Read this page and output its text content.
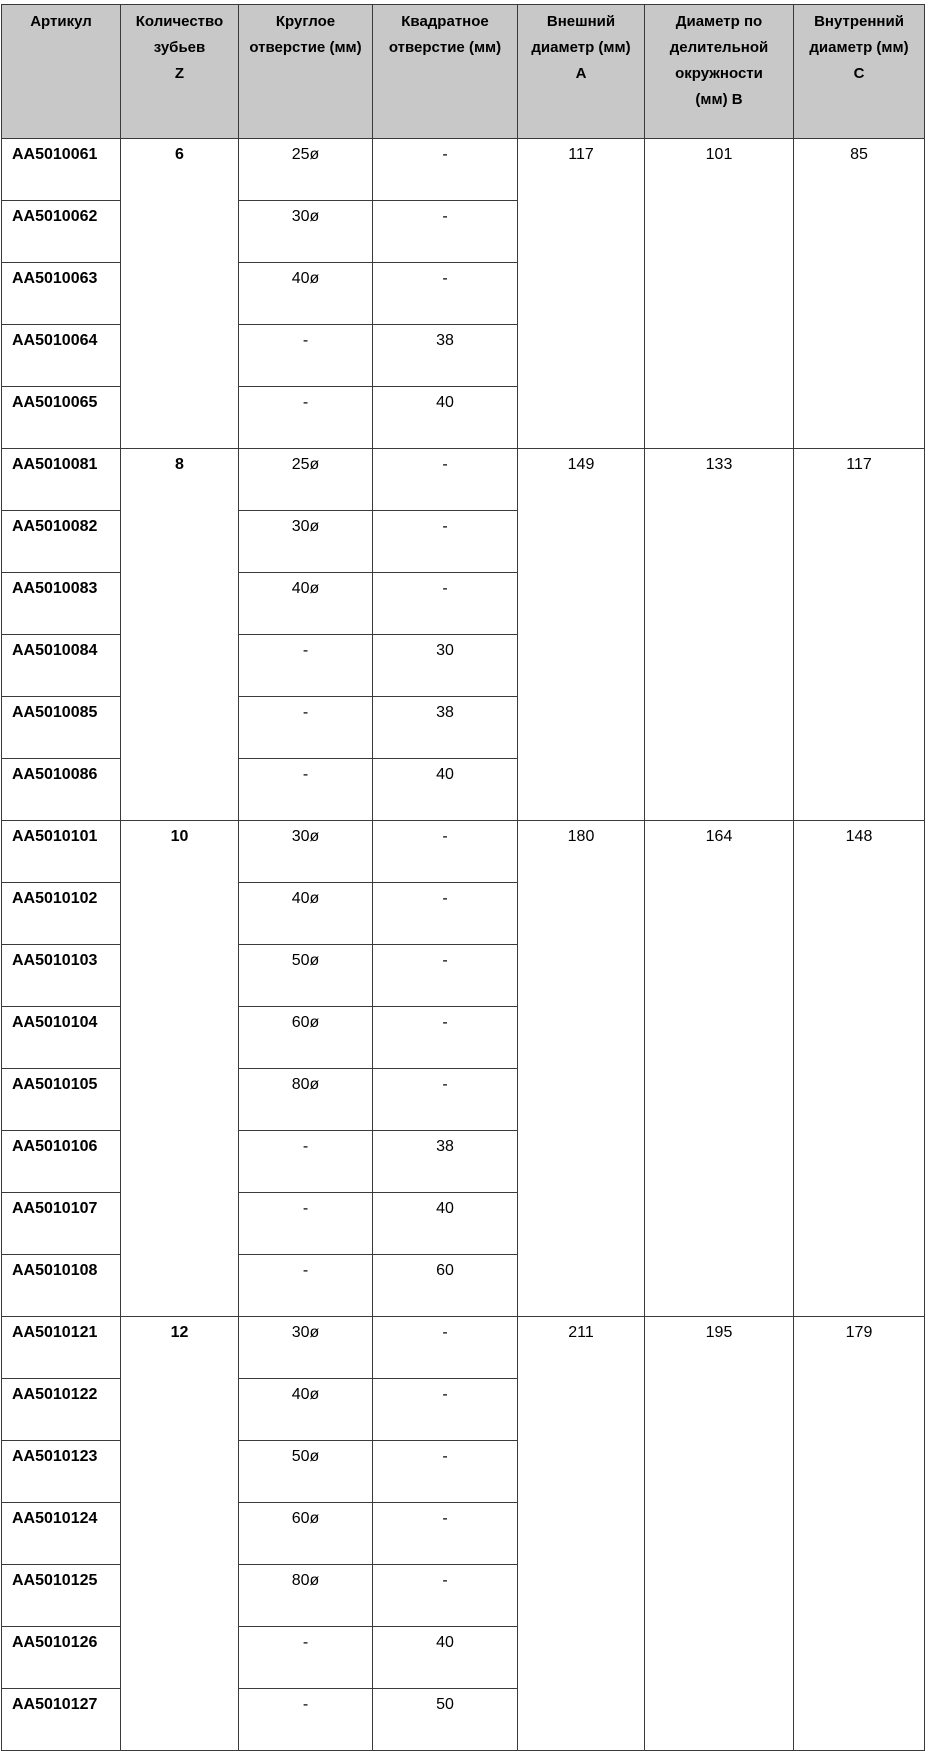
Артикул	Количество
зубьев
Z	Круглое
отверстие (мм)	Квадратное
отверстие (мм)	Внешний
диаметр (мм)
A	Диаметр по
делительной
окружности
(мм) B	Внутренний
диаметр (мм)
C

AA5010061	6	25ø	-	117	101	85
AA5010062		30ø	-			
AA5010063		40ø	-			
AA5010064		-	38			
AA5010065		-	40			
AA5010081	8	25ø	-	149	133	117
AA5010082		30ø	-			
AA5010083		40ø	-			
AA5010084		-	30			
AA5010085		-	38			
AA5010086		-	40			
AA5010101	10	30ø	-	180	164	148
AA5010102		40ø	-			
AA5010103		50ø	-			
AA5010104		60ø	-			
AA5010105		80ø	-			
AA5010106		-	38			
AA5010107		-	40			
AA5010108		-	60			
AA5010121	12	30ø	-	211	195	179
AA5010122		40ø	-			
AA5010123		50ø	-			
AA5010124		60ø	-			
AA5010125		80ø	-			
AA5010126		-	40			
AA5010127		-	50			
